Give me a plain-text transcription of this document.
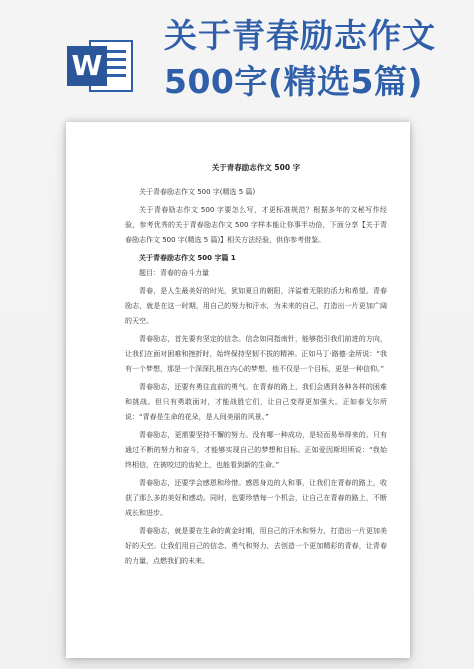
W
关于青春励志作文
500字(精选5篇)
关于青春励志作文 500 字

关于青春励志作文 500 字(精选 5 篇)

关于青春励志作文 500 字要怎么写，才更标准规范？根据多年的文秘写作经验，参考优秀的关于青春励志作文 500 字样本能让你事半功倍，下面分享【关于青春励志作文 500 字(精选 5 篇)】相关方法经验，供你参考借鉴。

关于青春励志作文 500 字篇 1

题目：青春的奋斗力量

青春，是人生最美好的时光，犹如夏日的朝阳，洋溢着无限的活力和希望。青春励志，就是在这一时期，用自己的努力和汗水，为未来的自己，打造出一片更加广阔的天空。

青春励志，首先要有坚定的信念。信念如同指南针，能够指引我们前进的方向，让我们在面对困难和挫折时，始终保持坚韧不拔的精神。正如马丁·路德·金所说：“我有一个梦想，那是一个深深扎根在内心的梦想，他不仅是一个目标，更是一种信仰。”

青春励志，还要有勇往直前的勇气。在青春的路上，我们会遇到各种各样的困难和挑战。但只有勇敢面对，才能战胜它们，让自己变得更加强大。正如泰戈尔所说：“青春是生命的花朵，是人间美丽的风景。”

青春励志，更需要坚持不懈的努力。没有哪一种成功，是轻而易举得来的。只有通过不断的努力和奋斗，才能够实现自己的梦想和目标。正如爱因斯坦所说：“我始终相信，在被咬过的齿轮上，也能看到新的生命。”

青春励志，还要学会感恩和珍惜。感恩身边的人和事，让我们在青春的路上，收获了那么多的美好和感动。同时，也要珍惜每一个机会，让自己在青春的路上，不断成长和进步。

青春励志，就是要在生命的黄金时期，用自己的汗水和努力，打造出一片更加美好的天空。让我们用自己的信念、勇气和努力，去创造一个更加精彩的青春，让青春的力量，点燃我们的未来。
